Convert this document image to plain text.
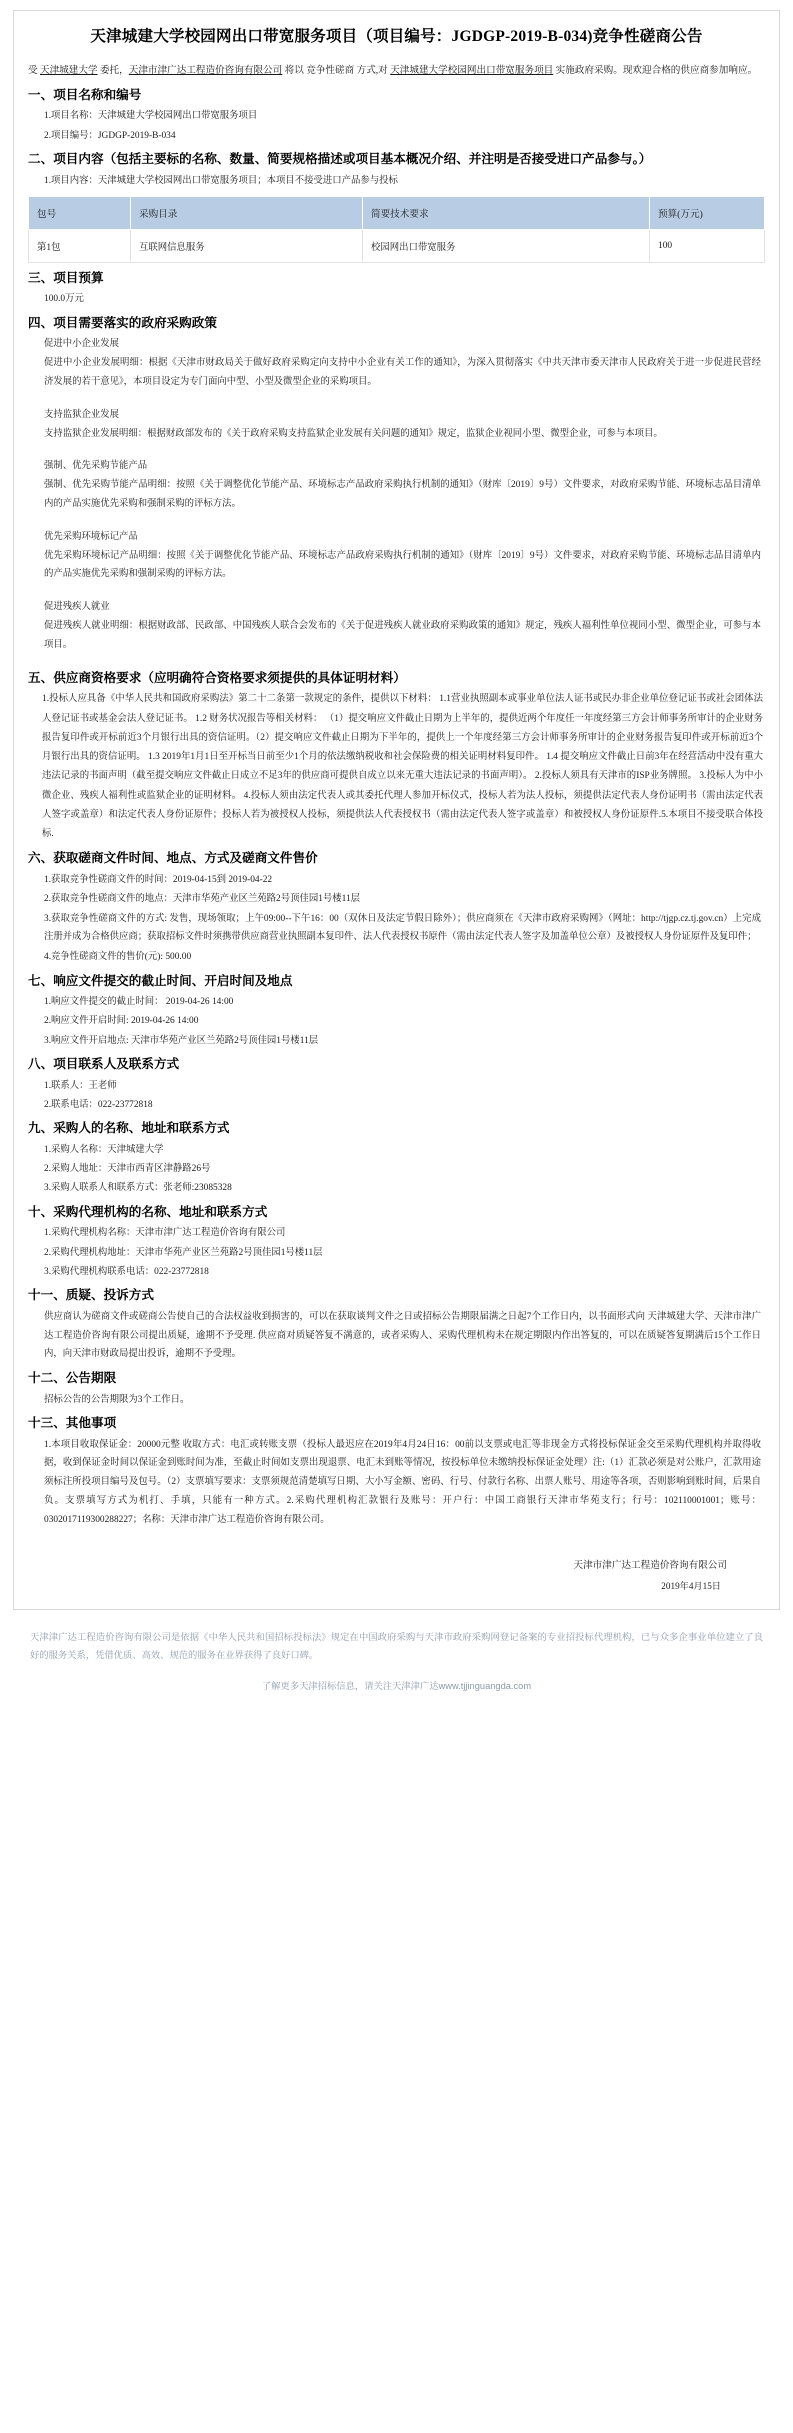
天津城建大学校园网出口带宽服务项目（项目编号：JGDGP-2019-B-034)竞争性磋商公告

受 天津城建大学 委托，天津市津广达工程造价咨询有限公司 将以 竞争性磋商 方式,对 天津城建大学校园网出口带宽服务项目 实施政府采购。现欢迎合格的供应商参加响应。

一、项目名称和编号

1.项目名称：天津城建大学校园网出口带宽服务项目

2.项目编号：JGDGP-2019-B-034

二、项目内容（包括主要标的名称、数量、简要规格描述或项目基本概况介绍、并注明是否接受进口产品参与。）

1.项目内容：天津城建大学校园网出口带宽服务项目；本项目不接受进口产品参与投标

包号	采购目录	简要技术要求	预算(万元)
第1包	互联网信息服务	校园网出口带宽服务	100
三、项目预算

100.0万元

四、项目需要落实的政府采购政策

促进中小企业发展

促进中小企业发展明细：根据《天津市财政局关于做好政府采购定向支持中小企业有关工作的通知》，为深入贯彻落实《中共天津市委天津市人民政府关于进一步促进民营经济发展的若干意见》，本项目设定为专门面向中型、小型及微型企业的采购项目。

支持监狱企业发展

支持监狱企业发展明细：根据财政部发布的《关于政府采购支持监狱企业发展有关问题的通知》规定，监狱企业视同小型、微型企业，可参与本项目。

强制、优先采购节能产品

强制、优先采购节能产品明细：按照《关于调整优化节能产品、环境标志产品政府采购执行机制的通知》（财库〔2019〕9号）文件要求，对政府采购节能、环境标志品目清单内的产品实施优先采购和强制采购的评标方法。

优先采购环境标记产品

优先采购环境标记产品明细：按照《关于调整优化节能产品、环境标志产品政府采购执行机制的通知》（财库〔2019〕9号）文件要求，对政府采购节能、环境标志品目清单内的产品实施优先采购和强制采购的评标方法。

促进残疾人就业

促进残疾人就业明细：根据财政部、民政部、中国残疾人联合会发布的《关于促进残疾人就业政府采购政策的通知》规定，残疾人福利性单位视同小型、微型企业，可参与本项目。

五、供应商资格要求（应明确符合资格要求须提供的具体证明材料）

1.投标人应具备《中华人民共和国政府采购法》第二十二条第一款规定的条件，提供以下材料： 1.1营业执照副本或事业单位法人证书或民办非企业单位登记证书或社会团体法人登记证书或基金会法人登记证书。 1.2 财务状况报告等相关材料： （1）提交响应文件截止日期为上半年的，提供近两个年度任一年度经第三方会计师事务所审计的企业财务报告复印件或开标前近3个月银行出具的资信证明。（2）提交响应文件截止日期为下半年的，提供上一个年度经第三方会计师事务所审计的企业财务报告复印件或开标前近3个月银行出具的资信证明。 1.3 2019年1月1日至开标当日前至少1个月的依法缴纳税收和社会保险费的相关证明材料复印件。 1.4 提交响应文件截止日前3年在经营活动中没有重大违法记录的书面声明（截至提交响应文件截止日成立不足3年的供应商可提供自成立以来无重大违法记录的书面声明）。 2.投标人须具有天津市的ISP业务牌照。 3.投标人为中小微企业、残疾人福利性或监狱企业的证明材料。 4.投标人须由法定代表人或其委托代理人参加开标仪式，投标人若为法人投标，须提供法定代表人身份证明书（需由法定代表人签字或盖章）和法定代表人身份证原件；投标人若为被授权人投标，须提供法人代表授权书（需由法定代表人签字或盖章）和被授权人身份证原件.5.本项目不接受联合体投标.

六、获取磋商文件时间、地点、方式及磋商文件售价

1.获取竞争性磋商文件的时间：2019-04-15到 2019-04-22

2.获取竞争性磋商文件的地点：天津市华苑产业区兰苑路2号顶佳园1号楼11层

3.获取竞争性磋商文件的方式: 发售，现场领取；上午09:00--下午16：00（双休日及法定节假日除外）；供应商须在《天津市政府采购网》（网址：http://tjgp.cz.tj.gov.cn）上完成注册并成为合格供应商；获取招标文件时须携带供应商营业执照副本复印件、法人代表授权书原件（需由法定代表人签字及加盖单位公章）及被授权人身份证原件及复印件；

4.竞争性磋商文件的售价(元): 500.00

七、响应文件提交的截止时间、开启时间及地点

1.响应文件提交的截止时间： 2019-04-26 14:00

2.响应文件开启时间: 2019-04-26 14:00

3.响应文件开启地点: 天津市华苑产业区兰苑路2号顶佳园1号楼11层

八、项目联系人及联系方式

1.联系人：王老师

2.联系电话：022-23772818

九、采购人的名称、地址和联系方式

1.采购人名称：天津城建大学

2.采购人地址：天津市西青区津静路26号

3.采购人联系人和联系方式：张老师:23085328

十、采购代理机构的名称、地址和联系方式

1.采购代理机构名称：天津市津广达工程造价咨询有限公司

2.采购代理机构地址：天津市华苑产业区兰苑路2号顶佳园1号楼11层

3.采购代理机构联系电话：022-23772818

十一、质疑、投诉方式

供应商认为磋商文件或磋商公告使自己的合法权益收到损害的，可以在获取谈判文件之日或招标公告期限届满之日起7个工作日内，以书面形式向 天津城建大学、天津市津广达工程造价咨询有限公司提出质疑，逾期不予受理. 供应商对质疑答复不满意的，或者采购人、采购代理机构未在规定期限内作出答复的，可以在质疑答复期满后15个工作日内，向天津市财政局提出投诉，逾期不予受理。

十二、公告期限

招标公告的公告期限为3个工作日。

十三、其他事项

1.本项目收取保证金：20000元整 收取方式：电汇或转账支票（投标人最迟应在2019年4月24日16：00前以支票或电汇等非现金方式将投标保证金交至采购代理机构并取得收据，收到保证金时间以保证金到账时间为准，至截止时间如支票出现退票、电汇未到账等情况，按投标单位未缴纳投标保证金处理）注:（1）汇款必须是对公账户，汇款用途须标注所投项目编号及包号。（2）支票填写要求：支票须规范清楚填写日期、大小写金额、密码、行号、付款行名称、出票人账号、用途等各项，否则影响到账时间，后果自负。支票填写方式为机打、手填，只能有一种方式。2.采购代理机构汇款银行及账号：开户行：中国工商银行天津市华苑支行；行号：102110001001；账号：0302017119300288227；名称：天津市津广达工程造价咨询有限公司。

天津市津广达工程造价咨询有限公司
2019年4月15日
天津津广达工程造价咨询有限公司是依据《中华人民共和国招标投标法》规定在中国政府采购与天津市政府采购网登记备案的专业招投标代理机构，已与众多企事业单位建立了良好的服务关系，凭借优质、高效、规范的服务在业界获得了良好口碑。
了解更多天津招标信息，请关注天津津广达www.tjjinguangda.com
